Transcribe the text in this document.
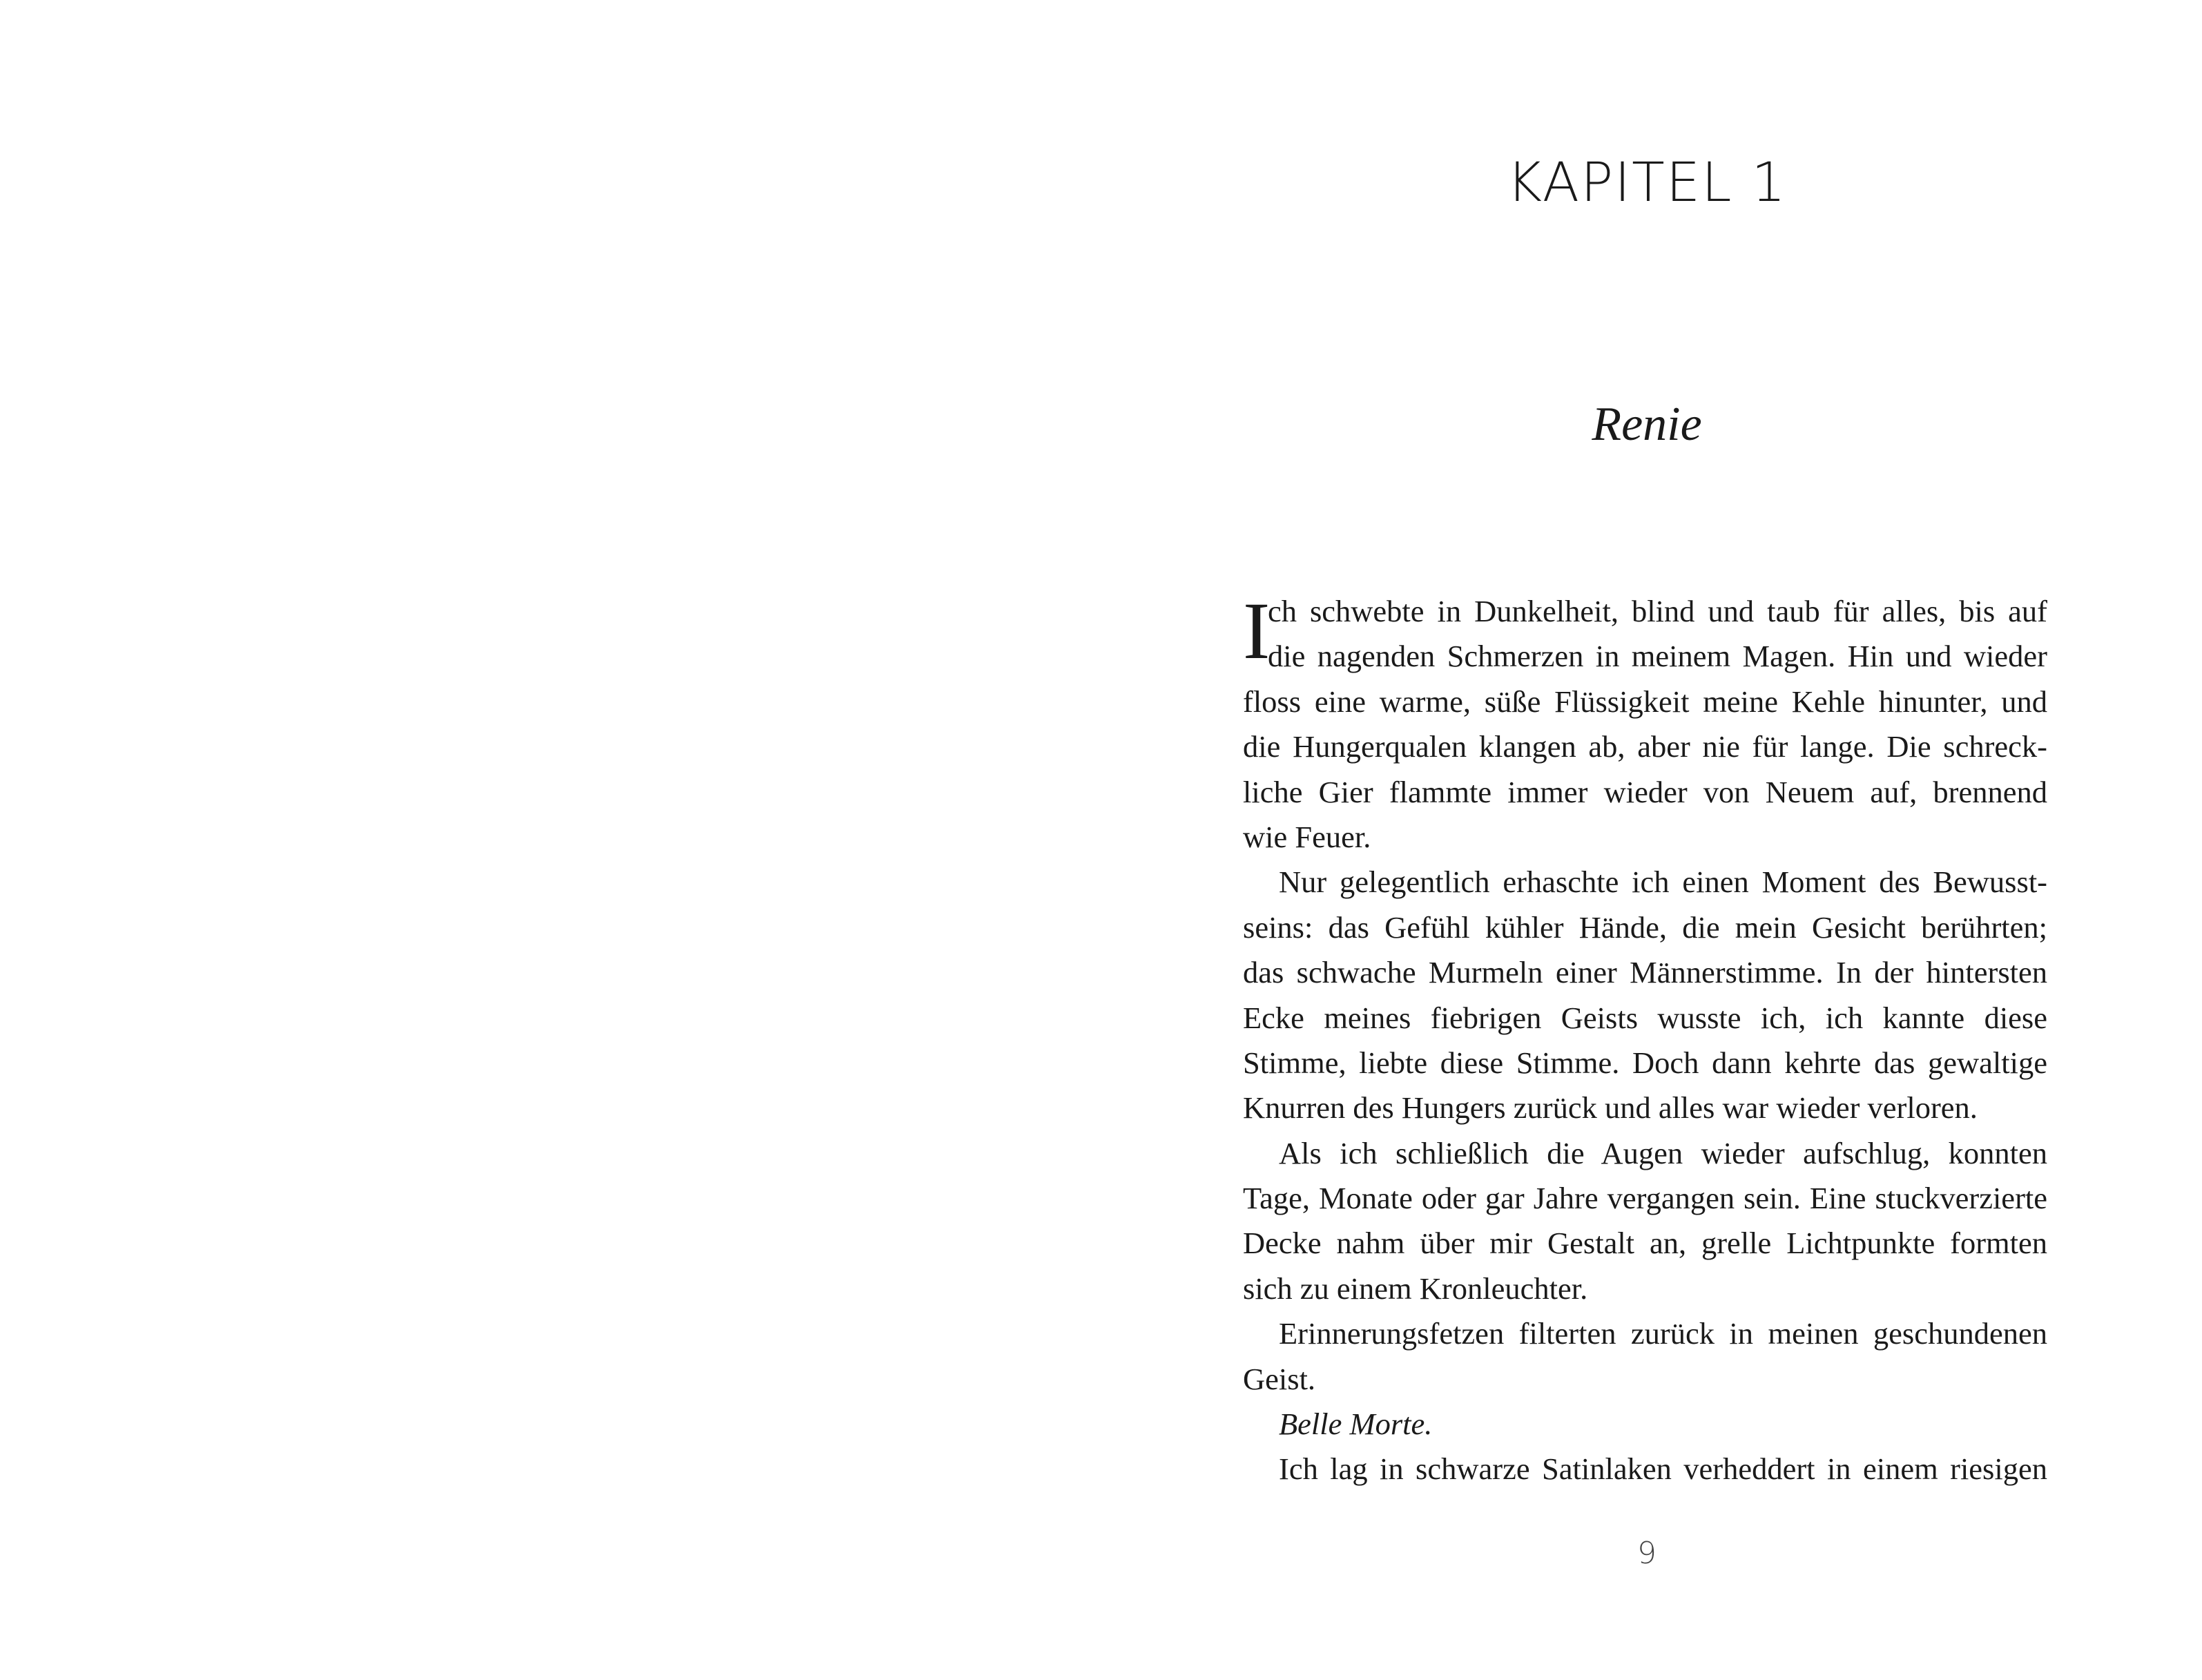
KAPITEL 1
Renie
I
ch schwebte in Dunkelheit, blind und taub für alles, bis auf
die nagenden Schmerzen in meinem Magen. Hin und wieder
floss eine warme, süße Flüssigkeit meine Kehle hinunter, und
die Hungerqualen klangen ab, aber nie für lange. Die schreck-
liche Gier flammte immer wieder von Neuem auf, brennend
wie Feuer.
Nur gelegentlich erhaschte ich einen Moment des Bewusst-
seins: das Gefühl kühler Hände, die mein Gesicht berührten;
das schwache Murmeln einer Männerstimme. In der hintersten
Ecke meines fiebrigen Geists wusste ich, ich kannte diese
Stimme, liebte diese Stimme. Doch dann kehrte das gewaltige
Knurren des Hungers zurück und alles war wieder verloren.
Als ich schließlich die Augen wieder aufschlug, konnten
Tage, Monate oder gar Jahre vergangen sein. Eine stuckverzierte
Decke nahm über mir Gestalt an, grelle Lichtpunkte formten
sich zu einem Kronleuchter.
Erinnerungsfetzen filterten zurück in meinen geschundenen
Geist.
Belle Morte.
Ich lag in schwarze Satinlaken verheddert in einem riesigen
9
